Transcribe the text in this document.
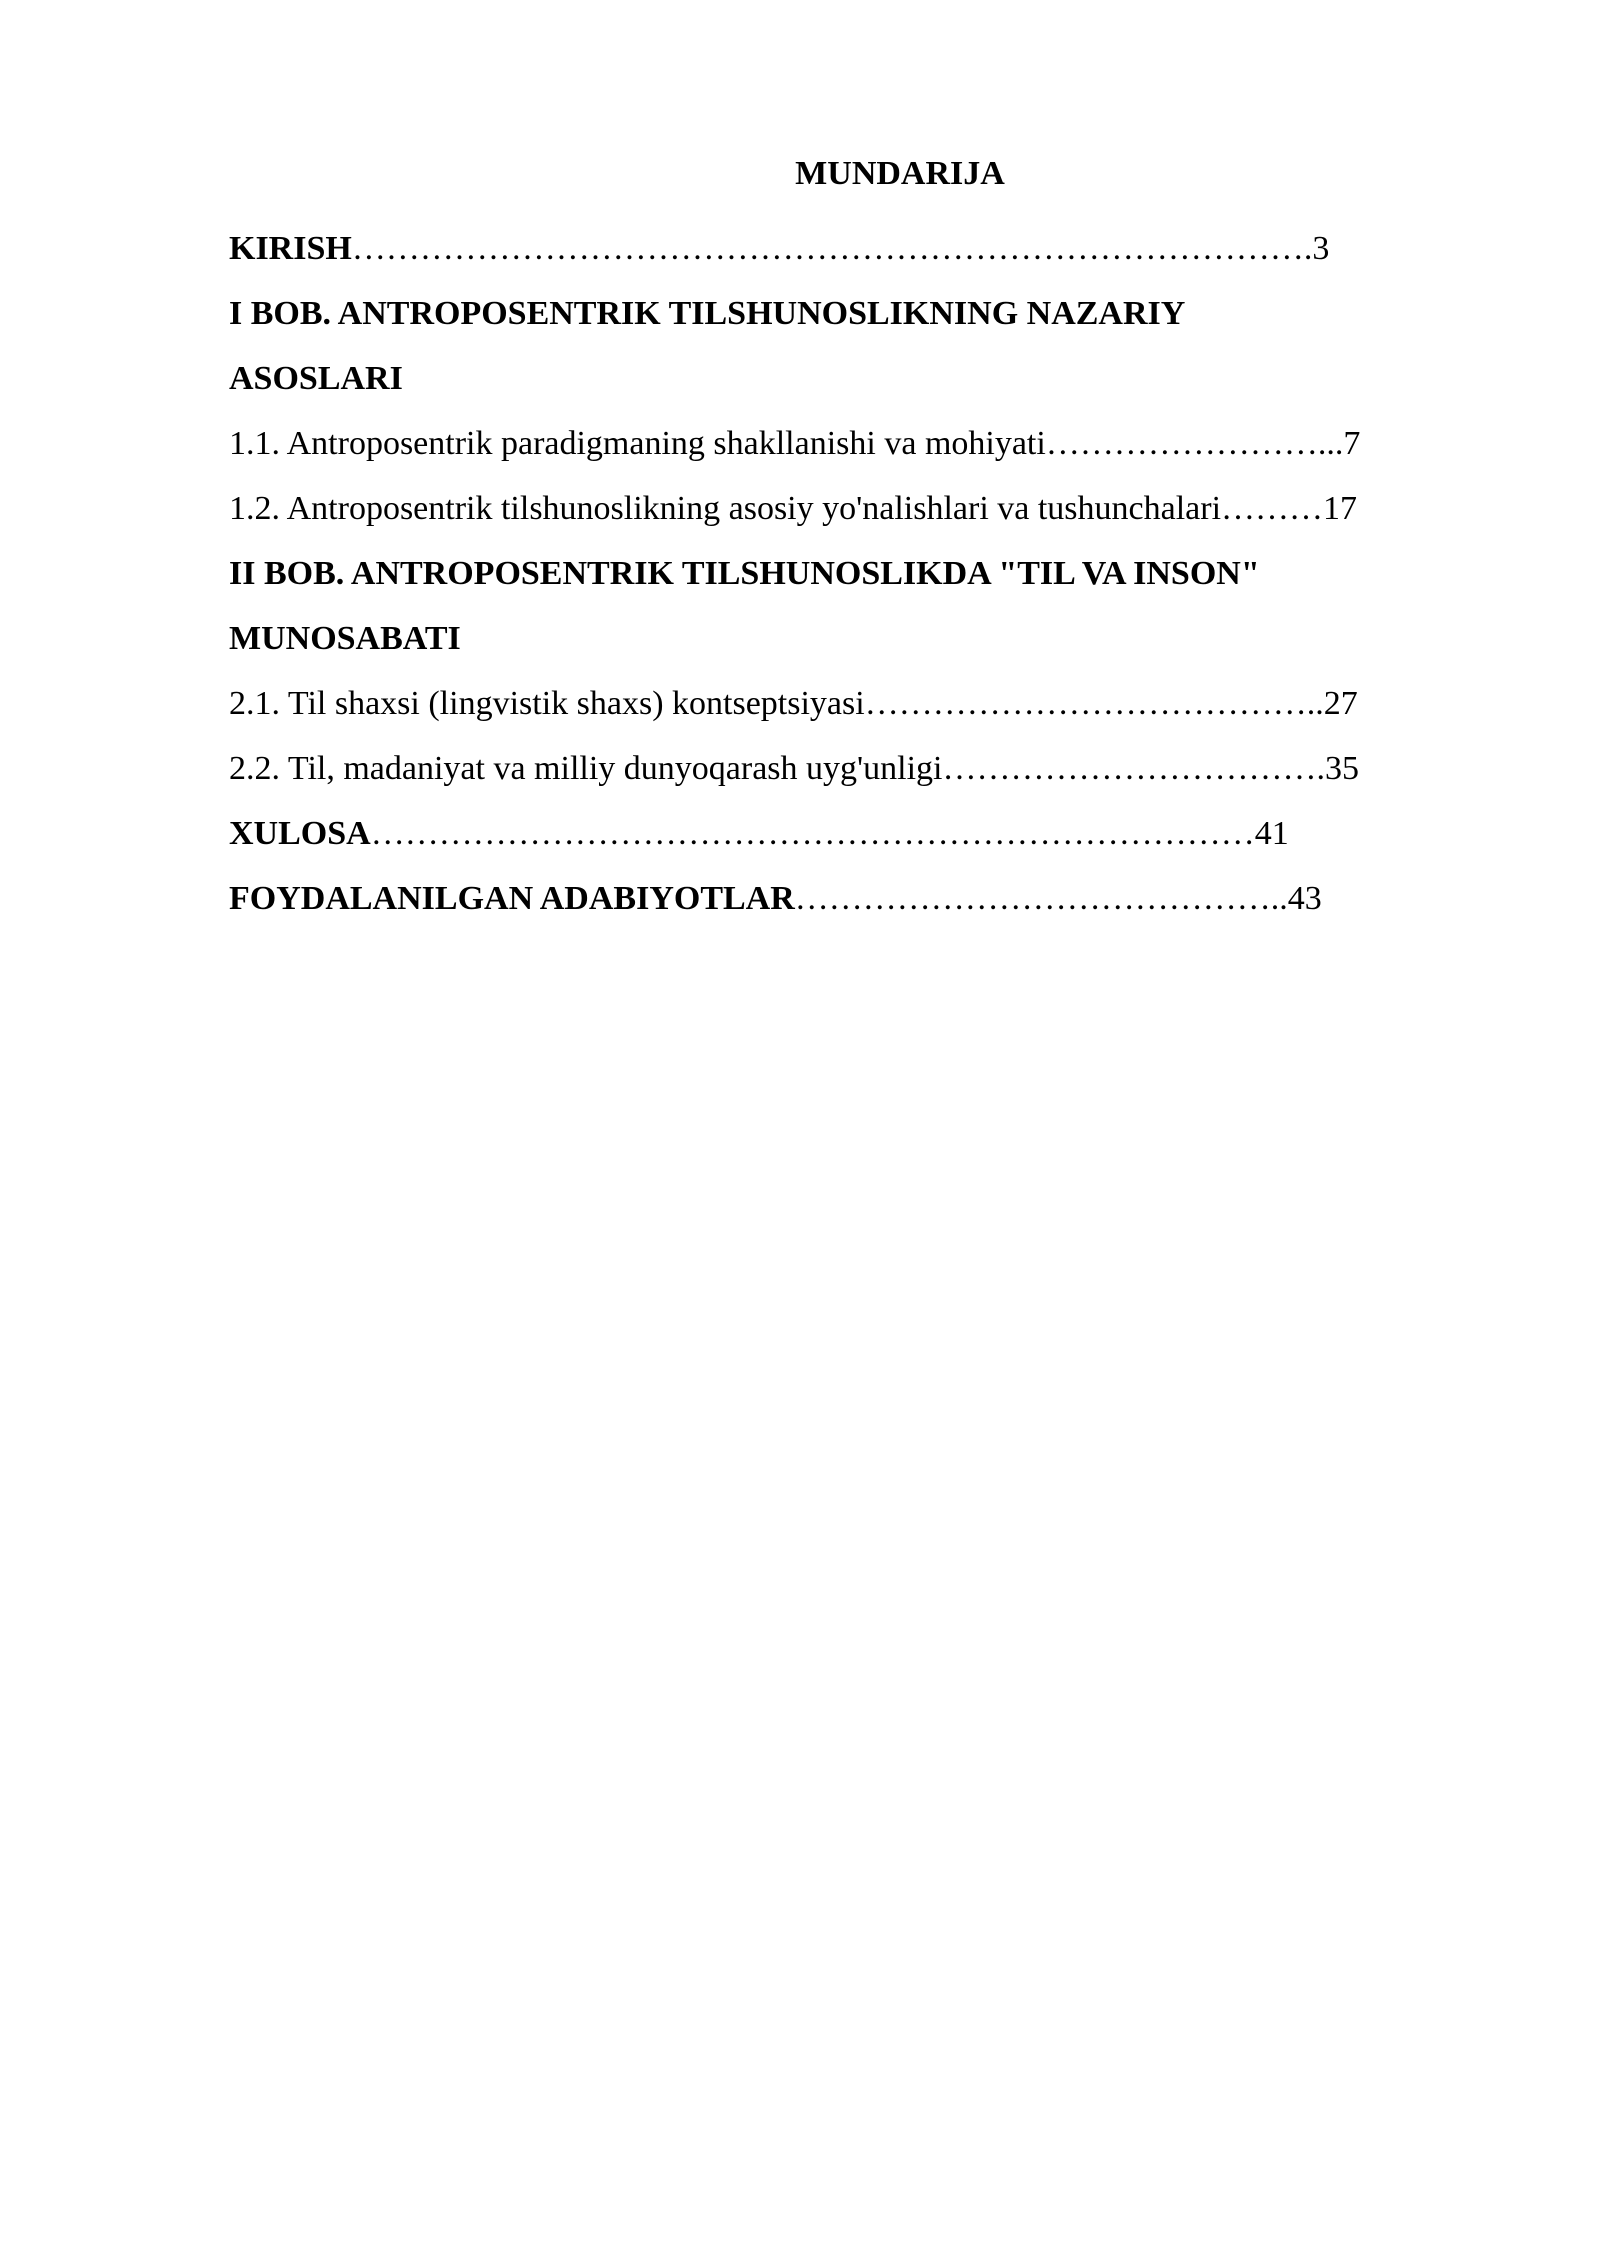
MUNDARIJA
KIRISH………………………………………………………………………….3
I BOB. ANTROPOSENTRIK TILSHUNOSLIKNING NAZARIY
ASOSLARI
1.1. Antroposentrik paradigmaning shakllanishi va mohiyati……………………...7
1.2. Antroposentrik tilshunoslikning asosiy yo'nalishlari va tushunchalari………17
II BOB. ANTROPOSENTRIK TILSHUNOSLIKDA "TIL VA INSON"
MUNOSABATI
2.1. Til shaxsi (lingvistik shaxs) kontseptsiyasi…………………………………..27
2.2. Til, madaniyat va milliy dunyoqarash uyg'unligi…………………………….35
XULOSA……………………………………………………………………41
FOYDALANILGAN ADABIYOTLAR……………………………………..43
